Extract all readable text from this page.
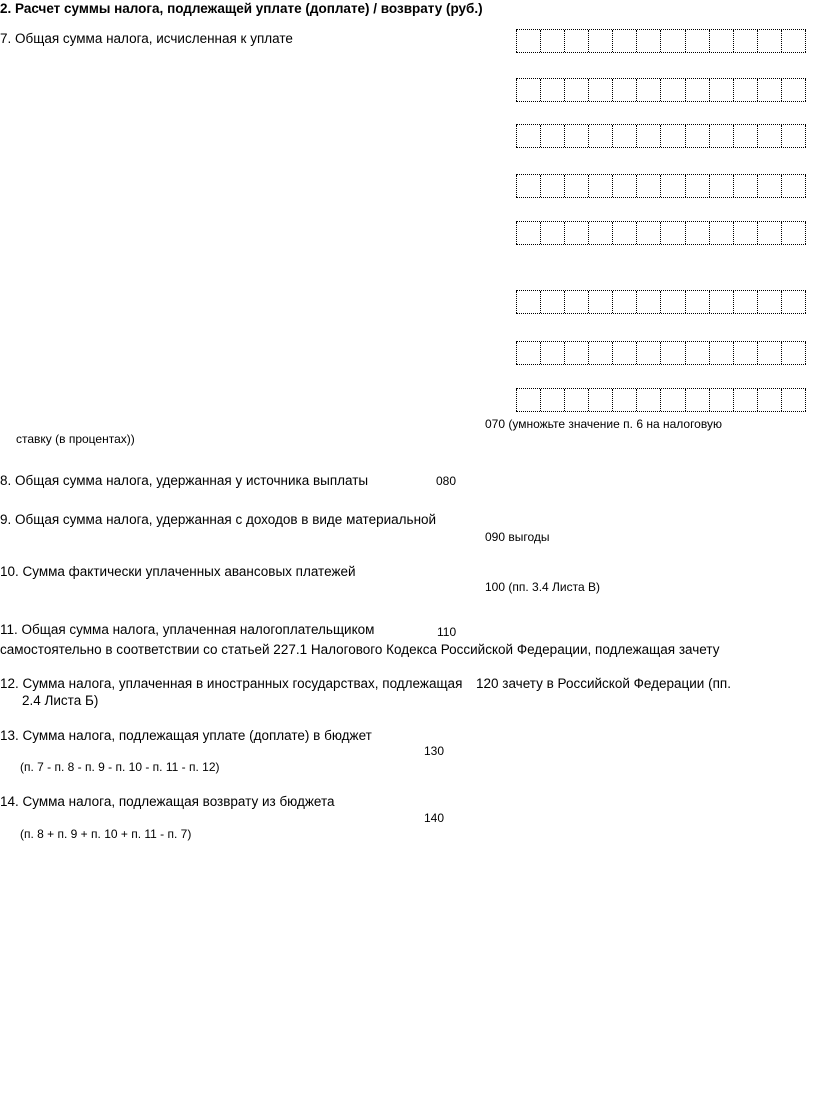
2. Расчет суммы налога, подлежащей уплате (доплате) / возврату (руб.)
7. Общая сумма налога, исчисленная к уплате
070 (умножьте значение п. 6 на налоговую
ставку (в процентах))
8. Общая сумма налога, удержанная у источника выплаты	080
9. Общая сумма налога, удержанная с доходов в виде материальной
090 выгоды
10. Сумма фактически уплаченных авансовых платежей
100 (пп. 3.4 Листа В)
11. Общая сумма налога, уплаченная налогоплательщиком	110
самостоятельно в соответствии со статьей 227.1 Налогового Кодекса Российской Федерации, подлежащая зачету
12. Сумма налога, уплаченная в иностранных государствах, подлежащая 120 зачету в Российской Федерации (пп.
2.4 Листа Б)
13. Сумма налога, подлежащая уплате (доплате) в бюджет
130
(п. 7 - п. 8 - п. 9 - п. 10 - п. 11 - п. 12)
14. Сумма налога, подлежащая возврату из бюджета
140
(п. 8 + п. 9 + п. 10 + п. 11 - п. 7)
